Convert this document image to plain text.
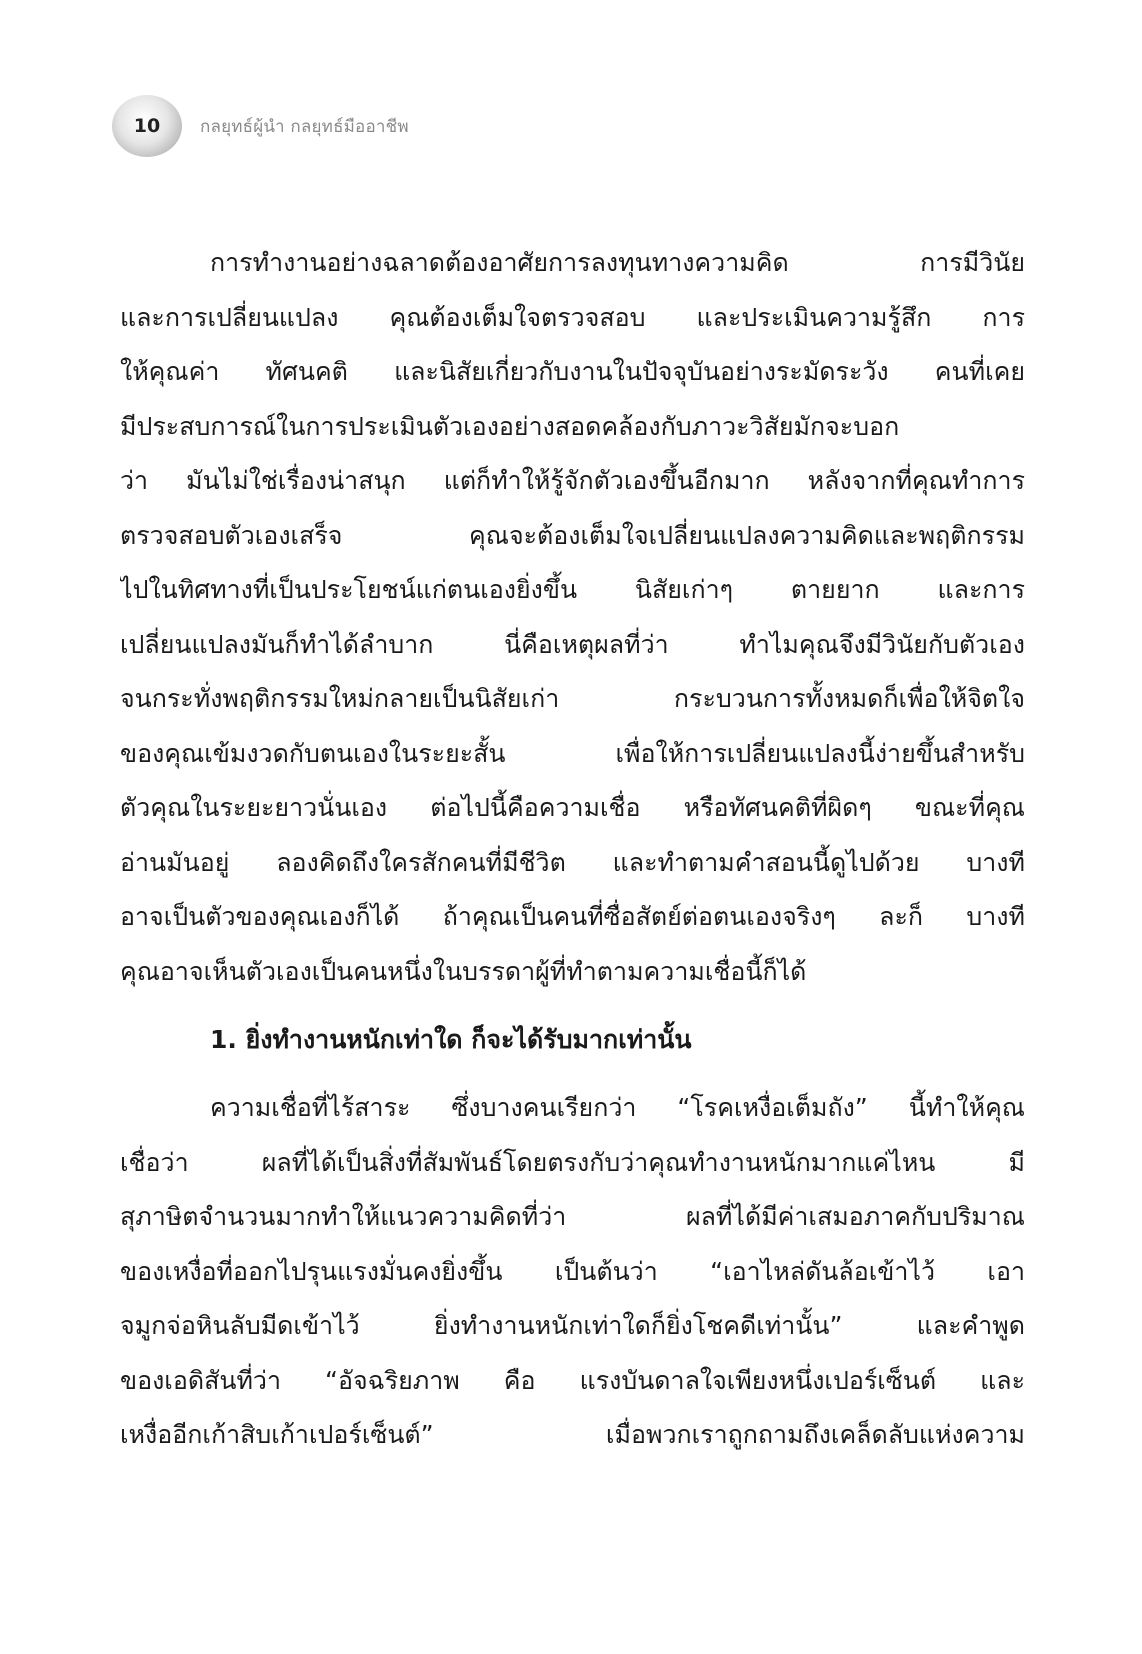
10 กลยุทธ์ผู้นำ กลยุทธ์มืออาชีพ
การทำงานอย่างฉลาดต้องอาศัยการลงทุนทางความคิด การมีวินัย
และการเปลี่ยนแปลง คุณต้องเต็มใจตรวจสอบ และประเมินความรู้สึก การ
ให้คุณค่า ทัศนคติ และนิสัยเกี่ยวกับงานในปัจจุบันอย่างระมัดระวัง คนที่เคย
มีประสบการณ์ในการประเมินตัวเองอย่างสอดคล้องกับภาวะวิสัยมักจะบอก
ว่า มันไม่ใช่เรื่องน่าสนุก แต่ก็ทำให้รู้จักตัวเองขึ้นอีกมาก หลังจากที่คุณทำการ
ตรวจสอบตัวเองเสร็จ คุณจะต้องเต็มใจเปลี่ยนแปลงความคิดและพฤติกรรม
ไปในทิศทางที่เป็นประโยชน์แก่ตนเองยิ่งขึ้น นิสัยเก่าๆ ตายยาก และการ
เปลี่ยนแปลงมันก็ทำได้ลำบาก นี่คือเหตุผลที่ว่า ทำไมคุณจึงมีวินัยกับตัวเอง
จนกระทั่งพฤติกรรมใหม่กลายเป็นนิสัยเก่า กระบวนการทั้งหมดก็เพื่อให้จิตใจ
ของคุณเข้มงวดกับตนเองในระยะสั้น เพื่อให้การเปลี่ยนแปลงนี้ง่ายขึ้นสำหรับ
ตัวคุณในระยะยาวนั่นเอง ต่อไปนี้คือความเชื่อ หรือทัศนคติที่ผิดๆ ขณะที่คุณ
อ่านมันอยู่ ลองคิดถึงใครสักคนที่มีชีวิต และทำตามคำสอนนี้ดูไปด้วย บางที
อาจเป็นตัวของคุณเองก็ได้ ถ้าคุณเป็นคนที่ซื่อสัตย์ต่อตนเองจริงๆ ละก็ บางที
คุณอาจเห็นตัวเองเป็นคนหนึ่งในบรรดาผู้ที่ทำตามความเชื่อนี้ก็ได้
1. ยิ่งทำงานหนักเท่าใด ก็จะได้รับมากเท่านั้น
ความเชื่อที่ไร้สาระ ซึ่งบางคนเรียกว่า “โรคเหงื่อเต็มถัง” นี้ทำให้คุณ
เชื่อว่า ผลที่ได้เป็นสิ่งที่สัมพันธ์โดยตรงกับว่าคุณทำงานหนักมากแค่ไหน มี
สุภาษิตจำนวนมากทำให้แนวความคิดที่ว่า ผลที่ได้มีค่าเสมอภาคกับปริมาณ
ของเหงื่อที่ออกไปรุนแรงมั่นคงยิ่งขึ้น เป็นต้นว่า “เอาไหล่ดันล้อเข้าไว้ เอา
จมูกจ่อหินลับมีดเข้าไว้ ยิ่งทำงานหนักเท่าใดก็ยิ่งโชคดีเท่านั้น” และคำพูด
ของเอดิสันที่ว่า “อัจฉริยภาพ คือ แรงบันดาลใจเพียงหนึ่งเปอร์เซ็นต์ และ
เหงื่ออีกเก้าสิบเก้าเปอร์เซ็นต์” เมื่อพวกเราถูกถามถึงเคล็ดลับแห่งความ
